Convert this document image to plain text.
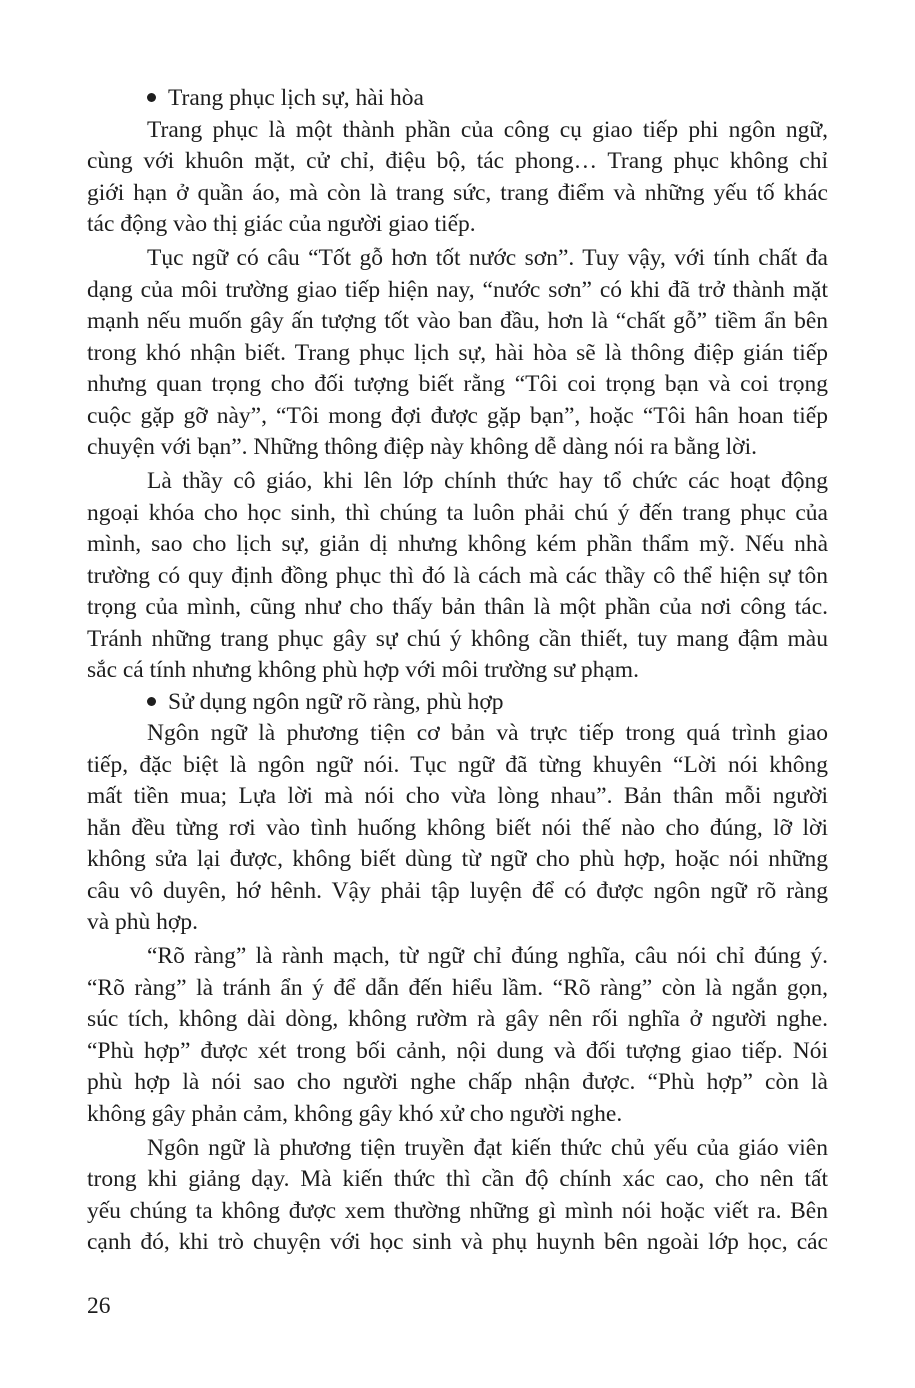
Trang phục lịch sự, hài hòa
Trang phục là một thành phần của công cụ giao tiếp phi ngôn ngữ,
cùng với khuôn mặt, cử chỉ, điệu bộ, tác phong… Trang phục không chỉ
giới hạn ở quần áo, mà còn là trang sức, trang điểm và những yếu tố khác
tác động vào thị giác của người giao tiếp.
Tục ngữ có câu “Tốt gỗ hơn tốt nước sơn”. Tuy vậy, với tính chất đa
dạng của môi trường giao tiếp hiện nay, “nước sơn” có khi đã trở thành mặt
mạnh nếu muốn gây ấn tượng tốt vào ban đầu, hơn là “chất gỗ” tiềm ẩn bên
trong khó nhận biết. Trang phục lịch sự, hài hòa sẽ là thông điệp gián tiếp
nhưng quan trọng cho đối tượng biết rằng “Tôi coi trọng bạn và coi trọng
cuộc gặp gỡ này”, “Tôi mong đợi được gặp bạn”, hoặc “Tôi hân hoan tiếp
chuyện với bạn”. Những thông điệp này không dễ dàng nói ra bằng lời.
Là thầy cô giáo, khi lên lớp chính thức hay tổ chức các hoạt động
ngoại khóa cho học sinh, thì chúng ta luôn phải chú ý đến trang phục của
mình, sao cho lịch sự, giản dị nhưng không kém phần thẩm mỹ. Nếu nhà
trường có quy định đồng phục thì đó là cách mà các thầy cô thể hiện sự tôn
trọng của mình, cũng như cho thấy bản thân là một phần của nơi công tác.
Tránh những trang phục gây sự chú ý không cần thiết, tuy mang đậm màu
sắc cá tính nhưng không phù hợp với môi trường sư phạm.
Sử dụng ngôn ngữ rõ ràng, phù hợp
Ngôn ngữ là phương tiện cơ bản và trực tiếp trong quá trình giao
tiếp, đặc biệt là ngôn ngữ nói. Tục ngữ đã từng khuyên “Lời nói không
mất tiền mua; Lựa lời mà nói cho vừa lòng nhau”. Bản thân mỗi người
hẳn đều từng rơi vào tình huống không biết nói thế nào cho đúng, lỡ lời
không sửa lại được, không biết dùng từ ngữ cho phù hợp, hoặc nói những
câu vô duyên, hớ hênh. Vậy phải tập luyện để có được ngôn ngữ rõ ràng
và phù hợp.
“Rõ ràng” là rành mạch, từ ngữ chỉ đúng nghĩa, câu nói chỉ đúng ý.
“Rõ ràng” là tránh ẩn ý để dẫn đến hiểu lầm. “Rõ ràng” còn là ngắn gọn,
súc tích, không dài dòng, không rườm rà gây nên rối nghĩa ở người nghe.
“Phù hợp” được xét trong bối cảnh, nội dung và đối tượng giao tiếp. Nói
phù hợp là nói sao cho người nghe chấp nhận được. “Phù hợp” còn là
không gây phản cảm, không gây khó xử cho người nghe.
Ngôn ngữ là phương tiện truyền đạt kiến thức chủ yếu của giáo viên
trong khi giảng dạy. Mà kiến thức thì cần độ chính xác cao, cho nên tất
yếu chúng ta không được xem thường những gì mình nói hoặc viết ra. Bên
cạnh đó, khi trò chuyện với học sinh và phụ huynh bên ngoài lớp học, các
26
